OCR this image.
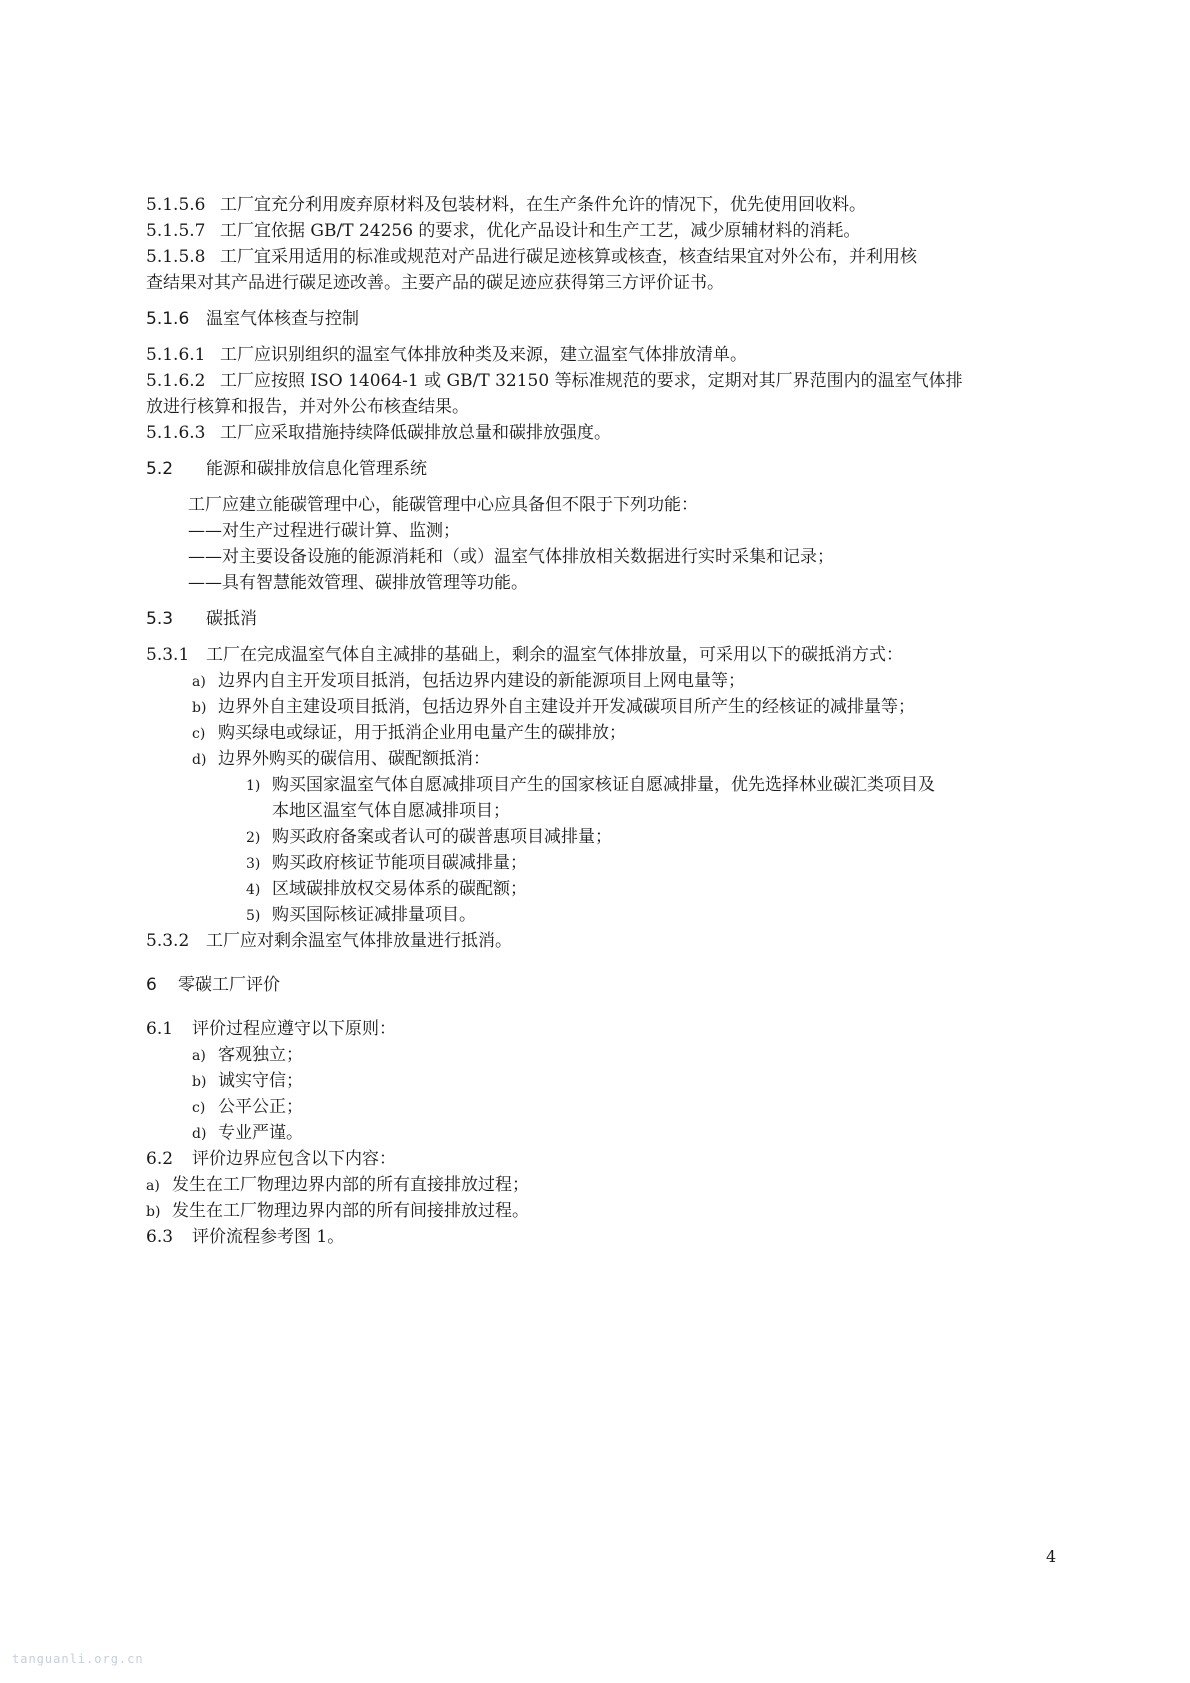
5.1.5.6 工厂宜充分利用废弃原材料及包装材料，在生产条件允许的情况下，优先使用回收料。
5.1.5.7 工厂宜依据 GB/T 24256 的要求，优化产品设计和生产工艺，减少原辅材料的消耗。
5.1.5.8 工厂宜采用适用的标准或规范对产品进行碳足迹核算或核查，核查结果宜对外公布，并利用核
查结果对其产品进行碳足迹改善。主要产品的碳足迹应获得第三方评价证书。
5.1.6 温室气体核查与控制
5.1.6.1 工厂应识别组织的温室气体排放种类及来源，建立温室气体排放清单。
5.1.6.2 工厂应按照 ISO 14064-1 或 GB/T 32150 等标准规范的要求，定期对其厂界范围内的温室气体排
放进行核算和报告，并对外公布核查结果。
5.1.6.3 工厂应采取措施持续降低碳排放总量和碳排放强度。
5.2 能源和碳排放信息化管理系统
工厂应建立能碳管理中心，能碳管理中心应具备但不限于下列功能：
——对生产过程进行碳计算、监测；
——对主要设备设施的能源消耗和（或）温室气体排放相关数据进行实时采集和记录；
——具有智慧能效管理、碳排放管理等功能。
5.3 碳抵消
5.3.1 工厂在完成温室气体自主减排的基础上，剩余的温室气体排放量，可采用以下的碳抵消方式：
a) 边界内自主开发项目抵消，包括边界内建设的新能源项目上网电量等；
b) 边界外自主建设项目抵消，包括边界外自主建设并开发减碳项目所产生的经核证的减排量等；
c) 购买绿电或绿证，用于抵消企业用电量产生的碳排放；
d) 边界外购买的碳信用、碳配额抵消：
1) 购买国家温室气体自愿减排项目产生的国家核证自愿减排量，优先选择林业碳汇类项目及
本地区温室气体自愿减排项目；
2) 购买政府备案或者认可的碳普惠项目减排量；
3) 购买政府核证节能项目碳减排量；
4) 区域碳排放权交易体系的碳配额；
5) 购买国际核证减排量项目。
5.3.2 工厂应对剩余温室气体排放量进行抵消。
6 零碳工厂评价
6.1 评价过程应遵守以下原则：
a) 客观独立；
b) 诚实守信；
c) 公平公正；
d) 专业严谨。
6.2 评价边界应包含以下内容：
a) 发生在工厂物理边界内部的所有直接排放过程；
b) 发生在工厂物理边界内部的所有间接排放过程。
6.3 评价流程参考图 1。
4
tanguanli.org.cn
